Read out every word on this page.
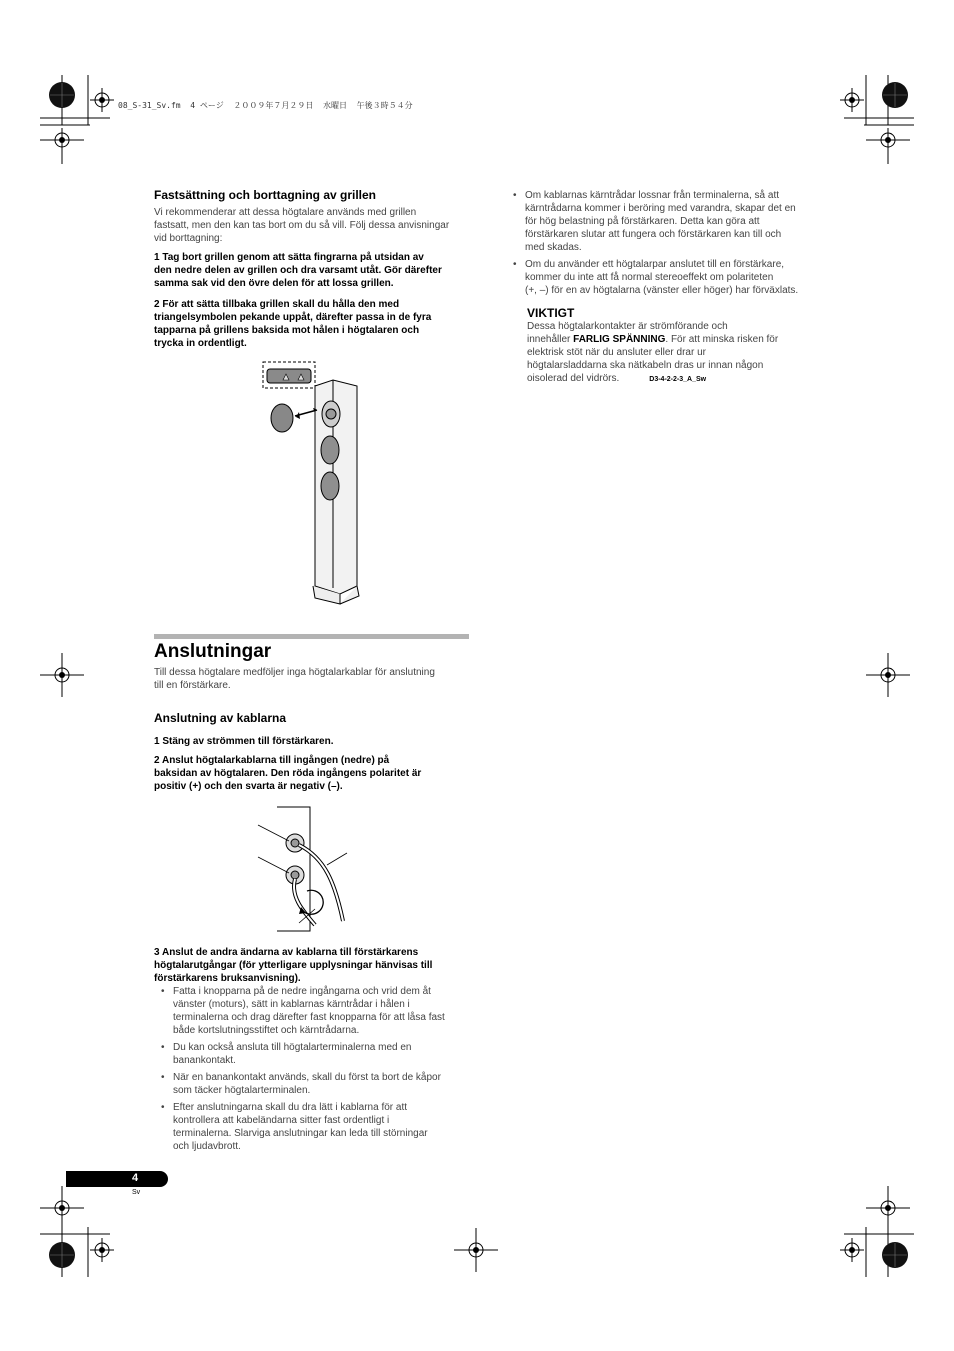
08_S-31_Sv.fm  4 ページ  ２００９年７月２９日  水曜日  午後３時５４分
Fastsättning och borttagning av grillen
Vi rekommenderar att dessa högtalare används med grillen
fastsatt, men den kan tas bort om du så vill. Följ dessa anvisningar
vid borttagning:
1 Tag bort grillen genom att sätta fingrarna på utsidan av
den nedre delen av grillen och dra varsamt utåt. Gör därefter
samma sak vid den övre delen för att lossa grillen.
2 För att sätta tillbaka grillen skall du hålla den med
triangelsymbolen pekande uppåt, därefter passa in de fyra
tapparna på grillens baksida mot hålen i högtalaren och
trycka in ordentligt.
Anslutningar
Till dessa högtalare medföljer inga högtalarkablar för anslutning
till en förstärkare.
Anslutning av kablarna
1 Stäng av strömmen till förstärkaren.
2 Anslut högtalarkablarna till ingången (nedre) på
baksidan av högtalaren. Den röda ingångens polaritet är
positiv (+) och den svarta är negativ (–).
3 Anslut de andra ändarna av kablarna till förstärkarens
högtalarutgångar (för ytterligare upplysningar hänvisas till
förstärkarens bruksanvisning).
• Fatta i knopparna på de nedre ingångarna och vrid dem åt
vänster (moturs), sätt in kablarnas kärntrådar i hålen i
terminalerna och drag därefter fast knopparna för att låsa fast
både kortslutningsstiftet och kärntrådarna.
• Du kan också ansluta till högtalarterminalerna med en
banankontakt.
• När en banankontakt används, skall du först ta bort de kåpor
som täcker högtalarterminalen.
• Efter anslutningarna skall du dra lätt i kablarna för att
kontrollera att kabeländarna sitter fast ordentligt i
terminalerna. Slarviga anslutningar kan leda till störningar
och ljudavbrott.
• Om kablarnas kärntrådar lossnar från terminalerna, så att
kärntrådarna kommer i beröring med varandra, skapar det en
för hög belastning på förstärkaren. Detta kan göra att
förstärkaren slutar att fungera och förstärkaren kan till och
med skadas.
• Om du använder ett högtalarpar anslutet till en förstärkare,
kommer du inte att få normal stereoeffekt om polariteten
(+, –) för en av högtalarna (vänster eller höger) har förväxlats.
VIKTIGT
Dessa högtalarkontakter är strömförande och
innehåller FARLIG SPÄNNING. För att minska risken för
elektrisk stöt när du ansluter eller drar ur
högtalarsladdarna ska nätkabeln dras ur innan någon
oisolerad del vidrörs.	D3-4-2-2-3_A_Sw
4
Sv
